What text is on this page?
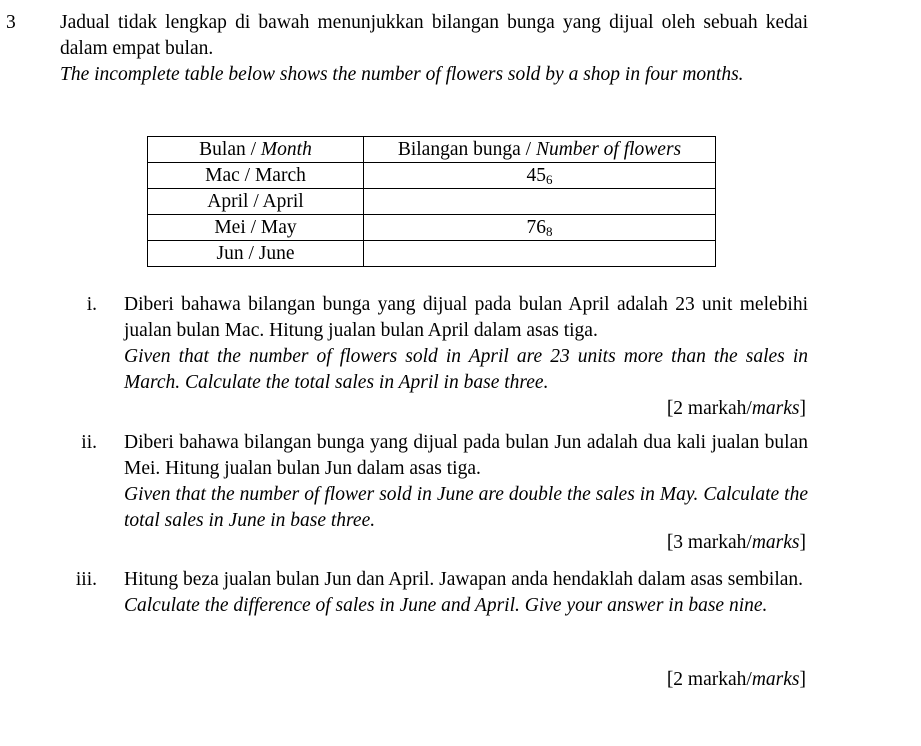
3 Jadual tidak lengkap di bawah menunjukkan bilangan bunga yang dijual oleh sebuah kedai dalam empat bulan.

The incomplete table below shows the number of flowers sold by a shop in four months.

Bulan / Month	Bilangan bunga / Number of flowers
Mac / March	$45_6$
April / April	
Mei / May	$76_8$
Jun / June	
i. Diberi bahawa bilangan bunga yang dijual pada bulan April adalah 23 unit melebihi jualan bulan Mac. Hitung jualan bulan April dalam asas tiga.

Given that the number of flowers sold in April are 23 units more than the sales in March. Calculate the total sales in April in base three.

[2 markah/marks]
ii. Diberi bahawa bilangan bunga yang dijual pada bulan Jun adalah dua kali jualan bulan Mei. Hitung jualan bulan Jun dalam asas tiga.

Given that the number of flower sold in June are double the sales in May. Calculate the total sales in June in base three.

[3 markah/marks]
iii. Hitung beza jualan bulan Jun dan April. Jawapan anda hendaklah dalam asas sembilan.

Calculate the difference of sales in June and April. Give your answer in base nine.

[2 markah/marks]
